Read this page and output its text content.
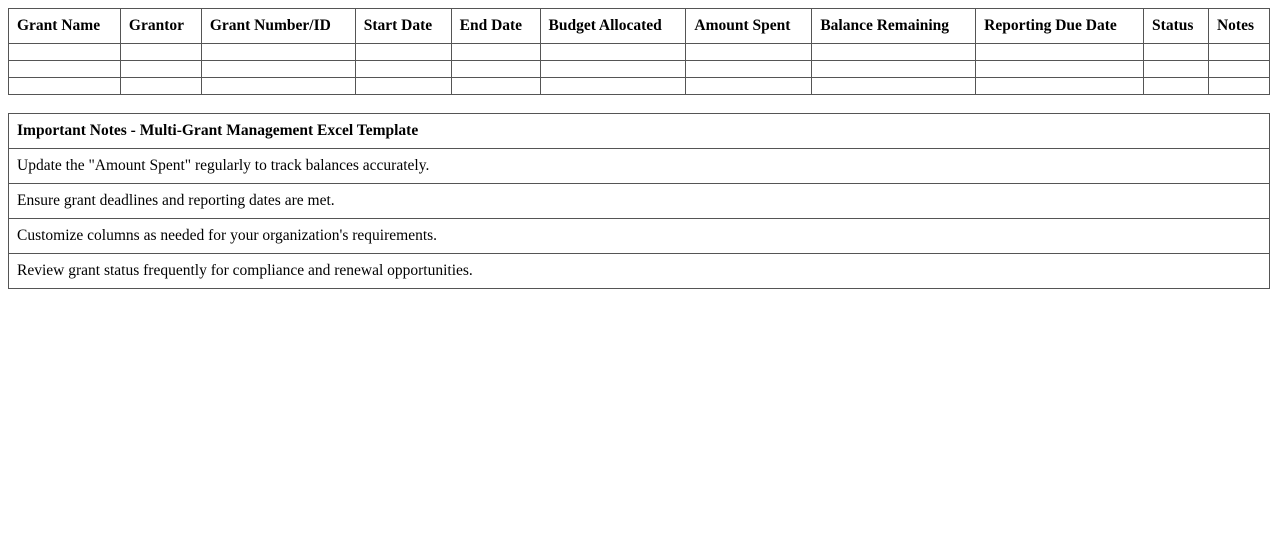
Grant Name	Grantor	Grant Number/ID	Start Date	End Date	Budget Allocated	Amount Spent	Balance Remaining	Reporting Due Date	Status	Notes

Important Notes - Multi-Grant Management Excel Template
Update the "Amount Spent" regularly to track balances accurately.
Ensure grant deadlines and reporting dates are met.
Customize columns as needed for your organization's requirements.
Review grant status frequently for compliance and renewal opportunities.
